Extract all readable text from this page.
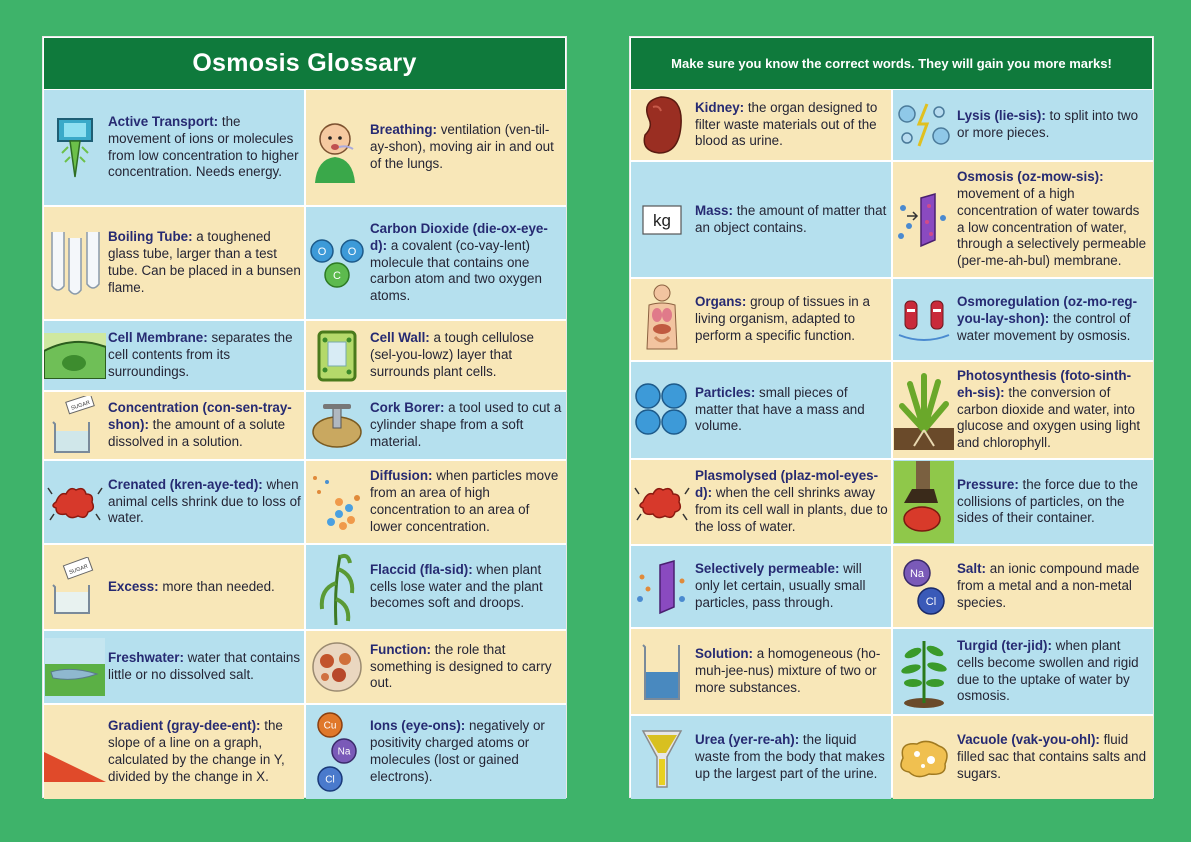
Osmosis Glossary

Active Transport: the movement of ions or molecules from low concentration to higher concentration. Needs energy.

Breathing: ventilation (ven-til-ay-shon), moving air in and out of the lungs.

Boiling Tube: a toughened glass tube, larger than a test tube. Can be placed in a bunsen flame.

O O
C

Carbon Dioxide (die-ox-eye-d): a covalent (co-vay-lent) molecule that contains one carbon atom and two oxygen atoms.

Cell Membrane: separates the cell contents from its surroundings.

Cell Wall: a tough cellulose (sel-you-lowz) layer that surrounds plant cells.

SUGAR Concentration (con-sen-tray-shon): the amount of a solute dissolved in a solution.

Cork Borer: a tool used to cut a cylinder shape from a soft material.

Crenated (kren-aye-ted): when animal cells shrink due to loss of water.

Diffusion: when particles move from an area of high concentration to an area of lower concentration.

SUGAR

Excess: more than needed.

Flaccid (fla-sid): when plant cells lose water and the plant becomes soft and droops.

Freshwater: water that contains little or no dissolved salt.

Function: the role that something is designed to carry out.

Gradient (gray-dee-ent): the slope of a line on a graph, calculated by the change in Y, divided by the change in X.

Cu
Na
Cl

Ions (eye-ons): negatively or positivity charged atoms or molecules (lost or gained electrons).

Make sure you know the correct words. They will gain you more marks!

Kidney: the organ designed to filter waste materials out of the blood as urine.

Lysis (lie-sis): to split into two or more pieces.

kg

Mass: the amount of matter that an object contains.

Osmosis (oz-mow-sis): movement of a high concentration of water towards a low concentration of water, through a selectively permeable (per-me-ah-bul) membrane.

Organs: group of tissues in a living organism, adapted to perform a specific function.

Osmoregulation (oz-mo-reg-you-lay-shon): the control of water movement by osmosis.

Particles: small pieces of matter that have a mass and volume.

Photosynthesis (foto-sinth-eh-sis): the conversion of carbon dioxide and water, into glucose and oxygen using light and chlorophyll.

Plasmolysed (plaz-mol-eyes-d): when the cell shrinks away from its cell wall in plants, due to the loss of water.

Pressure: the force due to the collisions of particles, on the sides of their container.

Selectively permeable: will only let certain, usually small particles, pass through.

Na
Cl

Salt: an ionic compound made from a metal and a non-metal species.

Solution: a homogeneous (ho-muh-jee-nus) mixture of two or more substances.

Turgid (ter-jid): when plant cells become swollen and rigid due to the uptake of water by osmosis.

Urea (yer-re-ah): the liquid waste from the body that makes up the largest part of the urine.

Vacuole (vak-you-ohl): fluid filled sac that contains salts and sugars.
